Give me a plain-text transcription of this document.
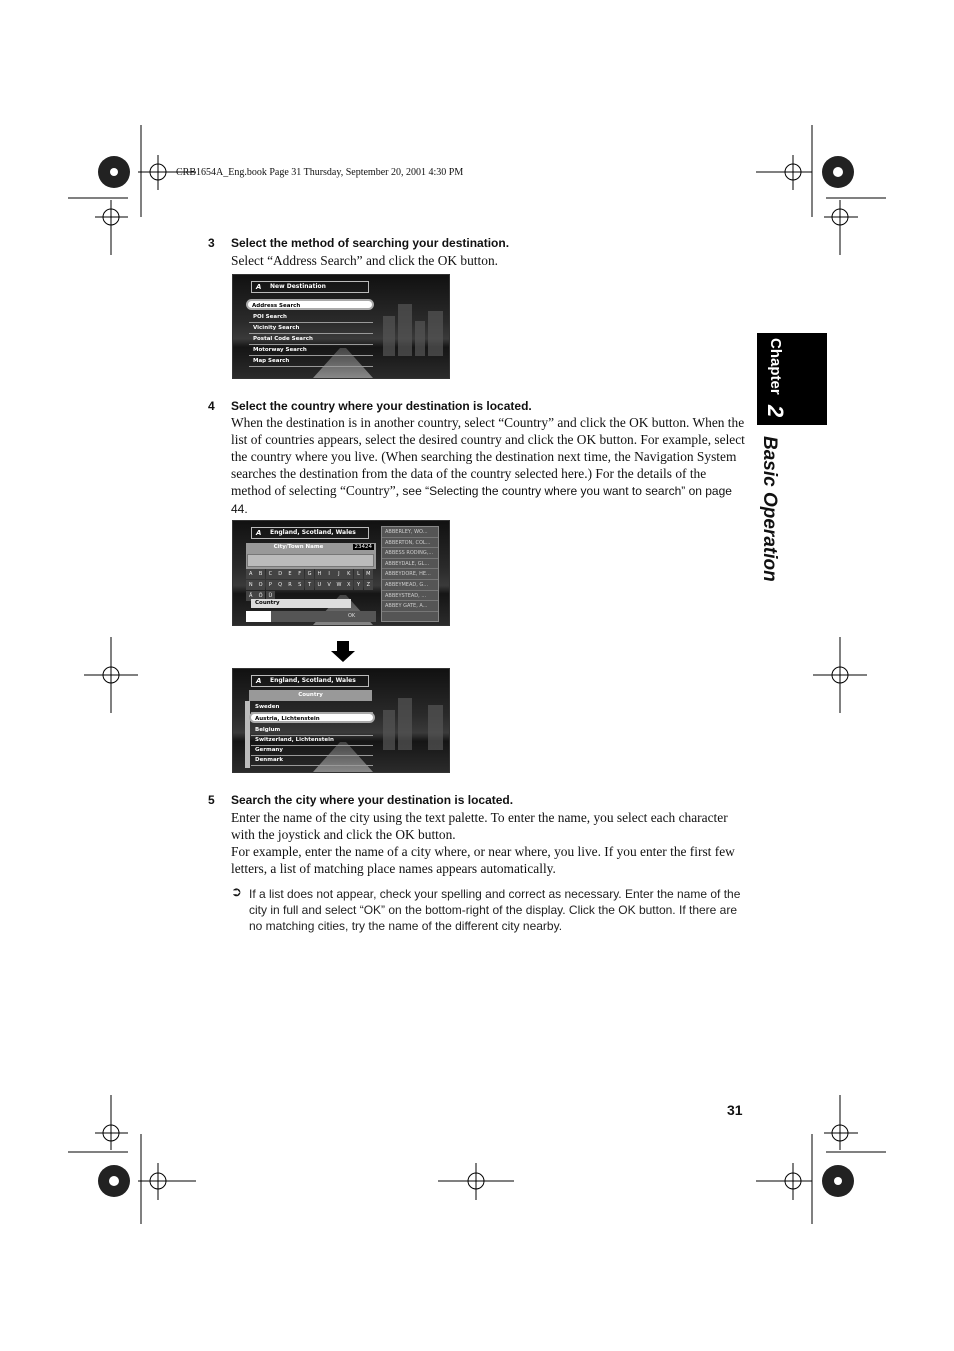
CRB1654A_Eng.book Page 31 Thursday, September 20, 2001 4:30 PM
Chapter 2
Basic Operation
3 Select the method of searching your destination.
Select “Address Search” and click the OK button.
A New Destination
Address Search
POI Search
Vicinity Search
Postal Code Search
Motorway Search
Map Search
4 Select the country where your destination is located.
When the destination is in another country, select “Country” and click the OK button. When the list of countries appears, select the desired country and click the OK button. For example, select the country where you live. (When searching the destination next time, the Navigation System searches the destination from the data of the country selected here.) For the details of the method of selecting “Country”, see “Selecting the country where you want to search” on page 44.
A England, Scotland, Wales
City/Town Name	23424
A B C D E F G H I J K L MN O P Q R S T U V W X Y ZÄ Ö Ü
Country
OK
ABBERLEY, WO...
ABBERTON, COL...
ABBESS RODING,...
ABBEYDALE, GL...
ABBEYDORE, HE...
ABBEYMEAD, G...
ABBEYSTEAD, ...
ABBEY GATE, A...
A England, Scotland, Wales
Country
Sweden
Austria, Lichtenstein
Belgium
Switzerland, Lichtenstein
Germany
Denmark
5 Search the city where your destination is located.
Enter the name of the city using the text palette. To enter the name, you select each character with the joystick and click the OK button.
For example, enter the name of a city where, or near where, you live. If you enter the first few letters, a list of matching place names appears automatically.
➲ If a list does not appear, check your spelling and correct as necessary. Enter the name of the city in full and select “OK” on the bottom-right of the display. Click the OK button. If there are no matching cities, try the name of the different city nearby.
31
